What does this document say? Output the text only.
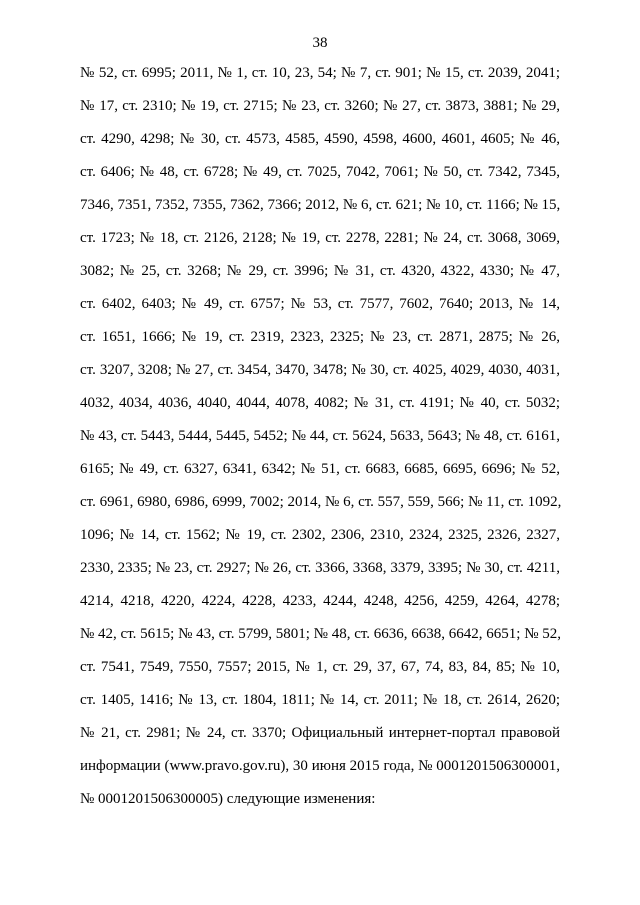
38
№ 52, ст. 6995; 2011, № 1, ст. 10, 23, 54; № 7, ст. 901; № 15, ст. 2039, 2041;
№ 17, ст. 2310; № 19, ст. 2715; № 23, ст. 3260; № 27, ст. 3873, 3881; № 29,
ст. 4290, 4298; № 30, ст. 4573, 4585, 4590, 4598, 4600, 4601, 4605; № 46,
ст. 6406; № 48, ст. 6728; № 49, ст. 7025, 7042, 7061; № 50, ст. 7342, 7345,
7346, 7351, 7352, 7355, 7362, 7366; 2012, № 6, ст. 621; № 10, ст. 1166; № 15,
ст. 1723; № 18, ст. 2126, 2128; № 19, ст. 2278, 2281; № 24, ст. 3068, 3069,
3082; № 25, ст. 3268; № 29, ст. 3996; № 31, ст. 4320, 4322, 4330; № 47,
ст. 6402, 6403; № 49, ст. 6757; № 53, ст. 7577, 7602, 7640; 2013, № 14,
ст. 1651, 1666; № 19, ст. 2319, 2323, 2325; № 23, ст. 2871, 2875; № 26,
ст. 3207, 3208; № 27, ст. 3454, 3470, 3478; № 30, ст. 4025, 4029, 4030, 4031,
4032, 4034, 4036, 4040, 4044, 4078, 4082; № 31, ст. 4191; № 40, ст. 5032;
№ 43, ст. 5443, 5444, 5445, 5452; № 44, ст. 5624, 5633, 5643; № 48, ст. 6161,
6165; № 49, ст. 6327, 6341, 6342; № 51, ст. 6683, 6685, 6695, 6696; № 52,
ст. 6961, 6980, 6986, 6999, 7002; 2014, № 6, ст. 557, 559, 566; № 11, ст. 1092,
1096; № 14, ст. 1562; № 19, ст. 2302, 2306, 2310, 2324, 2325, 2326, 2327,
2330, 2335; № 23, ст. 2927; № 26, ст. 3366, 3368, 3379, 3395; № 30, ст. 4211,
4214, 4218, 4220, 4224, 4228, 4233, 4244, 4248, 4256, 4259, 4264, 4278;
№ 42, ст. 5615; № 43, ст. 5799, 5801; № 48, ст. 6636, 6638, 6642, 6651; № 52,
ст. 7541, 7549, 7550, 7557; 2015, № 1, ст. 29, 37, 67, 74, 83, 84, 85; № 10,
ст. 1405, 1416; № 13, ст. 1804, 1811; № 14, ст. 2011; № 18, ст. 2614, 2620;
№ 21, ст. 2981; № 24, ст. 3370; Официальный интернет-портал правовой
информации (www.pravo.gov.ru), 30 июня 2015 года, № 0001201506300001,
№ 0001201506300005) следующие изменения:
